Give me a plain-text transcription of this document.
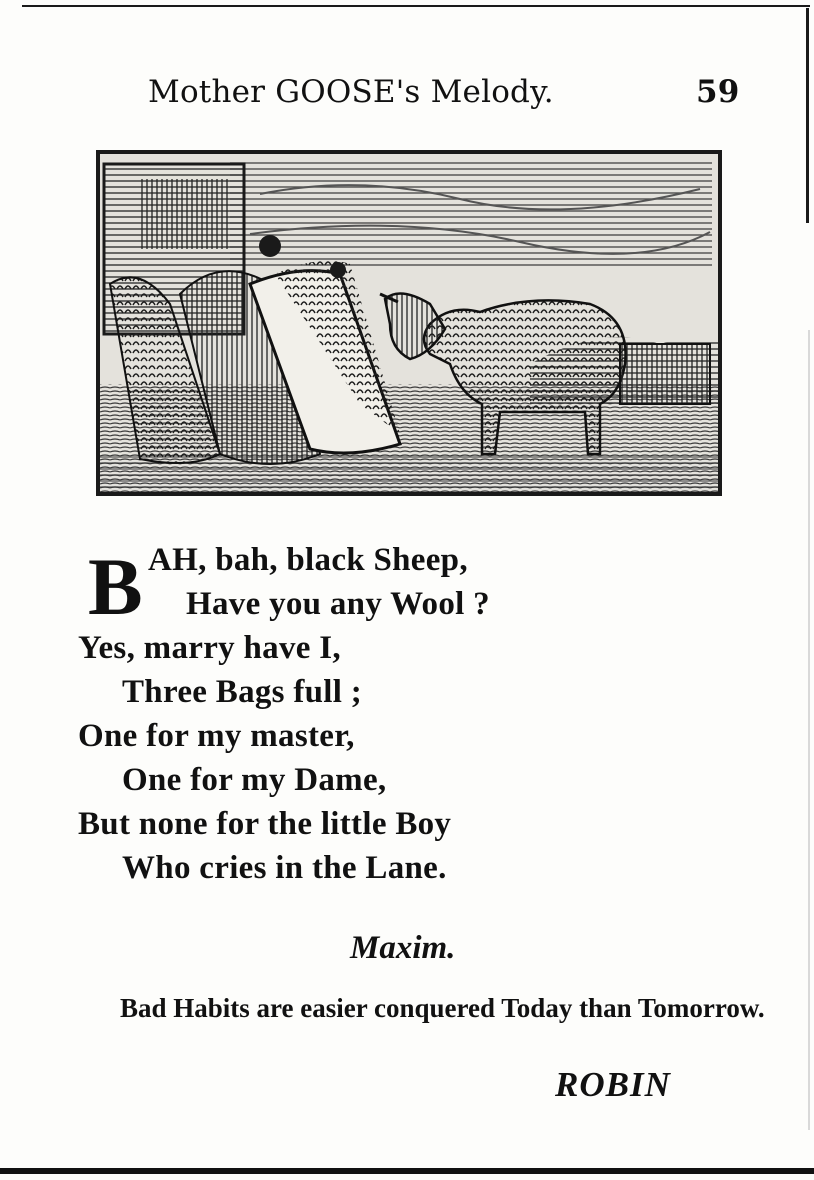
Mother GOOSE's Melody.	59
B AH, bah, black Sheep,
Have you any Wool ?
Yes, marry have I,
Three Bags full ;
One for my master,
One for my Dame,
But none for the little Boy
Who cries in the Lane.
Maxim.
Bad Habits are easier conquered Today than Tomorrow.
ROBIN
